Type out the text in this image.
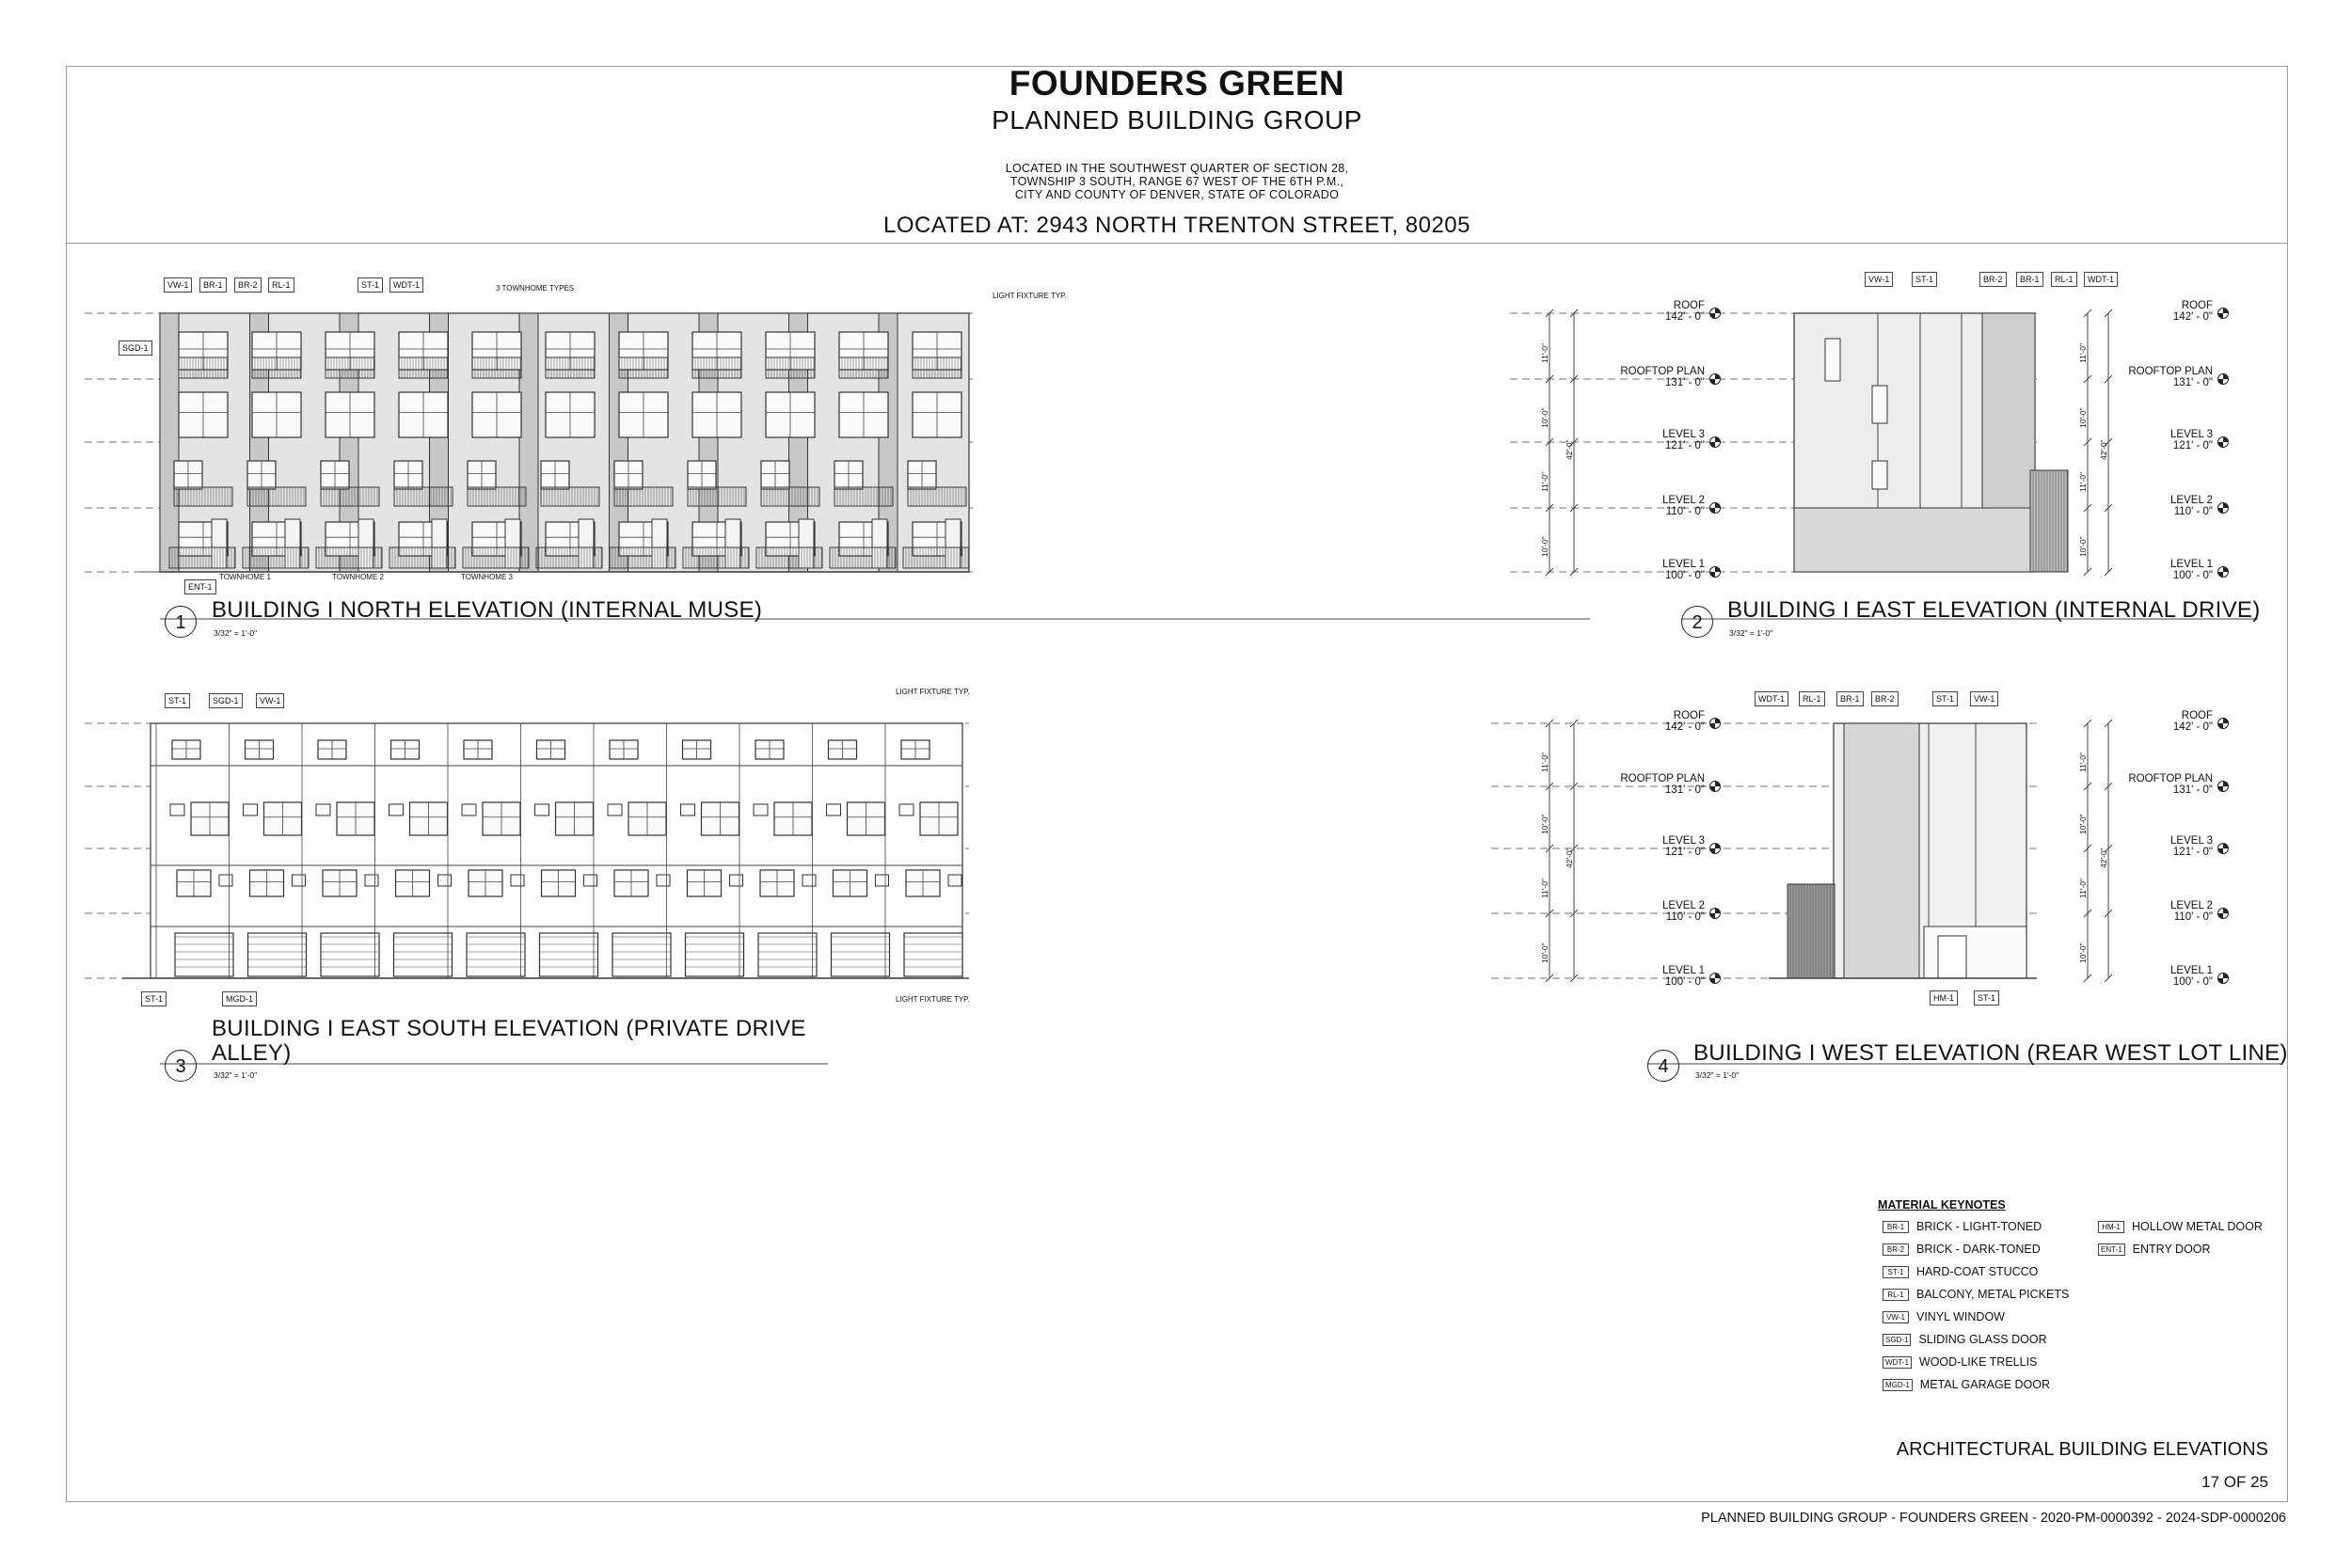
FOUNDERS GREEN
PLANNED BUILDING GROUP
LOCATED IN THE SOUTHWEST QUARTER OF SECTION 28,
TOWNSHIP 3 SOUTH, RANGE 67 WEST OF THE 6TH P.M.,
CITY AND COUNTY OF DENVER, STATE OF COLORADO
LOCATED AT: 2943 NORTH TRENTON STREET, 80205
1	BUILDING I NORTH ELEVATION (INTERNAL MUSE)
3/32" = 1'-0"	2	BUILDING I EAST ELEVATION (INTERNAL DRIVE)
3/32" = 1'-0"
3
BUILDING I EAST SOUTH ELEVATION (PRIVATE DRIVE ALLEY)
3/32" = 1'-0"	4
BUILDING I WEST ELEVATION (REAR WEST LOT LINE)
3/32" = 1'-0"
VW-1	BR-1	BR-2	RL-1	ST-1	WDT-1
SGD-1
ENT-1
3 TOWNHOME TYPES
LIGHT FIXTURE TYP.
TOWNHOME 1	TOWNHOME 2	TOWNHOME 3
VW-1	ST-1	BR-2	BR-1	RL-1	WDT-1
ST-1	SGD-1	VW-1
ST-1	MGD-1
LIGHT FIXTURE TYP.
LIGHT FIXTURE TYP.
WDT-1	RL-1	BR-1	BR-2	ST-1	VW-1
HM-1	ST-1
ROOF
142' - 0"
ROOFTOP PLAN
131' - 0"
LEVEL 3
121' - 0"
LEVEL 2
110' - 0"
LEVEL 1
100' - 0"
ROOF
142' - 0"
ROOFTOP PLAN
131' - 0"
LEVEL 3
121' - 0"
LEVEL 2
110' - 0"
LEVEL 1
100' - 0"
ROOF
142' - 0"
ROOFTOP PLAN
131' - 0"
LEVEL 3
121' - 0"
LEVEL 2
110' - 0"
LEVEL 1
100' - 0"
ROOF
142' - 0"
ROOFTOP PLAN
131' - 0"
LEVEL 3
121' - 0"
LEVEL 2
110' - 0"
LEVEL 1
100' - 0"
11'-0"
10'-0"
11'-0"
10'-0"
42'-0"
11'-0"
10'-0"
11'-0"
10'-0"
42'-0"
11'-0"
10'-0"
11'-0"
10'-0"
42'-0"
11'-0"
10'-0"
11'-0"
10'-0"
42'-0"
MATERIAL KEYNOTES
BR-1	BRICK - LIGHT-TONED
BR-2	BRICK - DARK-TONED
ST-1	HARD-COAT STUCCO
RL-1	BALCONY, METAL PICKETS
VW-1 VINYL WINDOW
SGD-1 SLIDING GLASS DOOR
WDT-1 WOOD-LIKE TRELLIS
MGD-1 METAL GARAGE DOOR
HM-1 HOLLOW METAL DOOR
ENT-1 ENTRY DOOR
ARCHITECTURAL BUILDING ELEVATIONS
17 OF 25
PLANNED BUILDING GROUP - FOUNDERS GREEN - 2020-PM-0000392 - 2024-SDP-0000206
